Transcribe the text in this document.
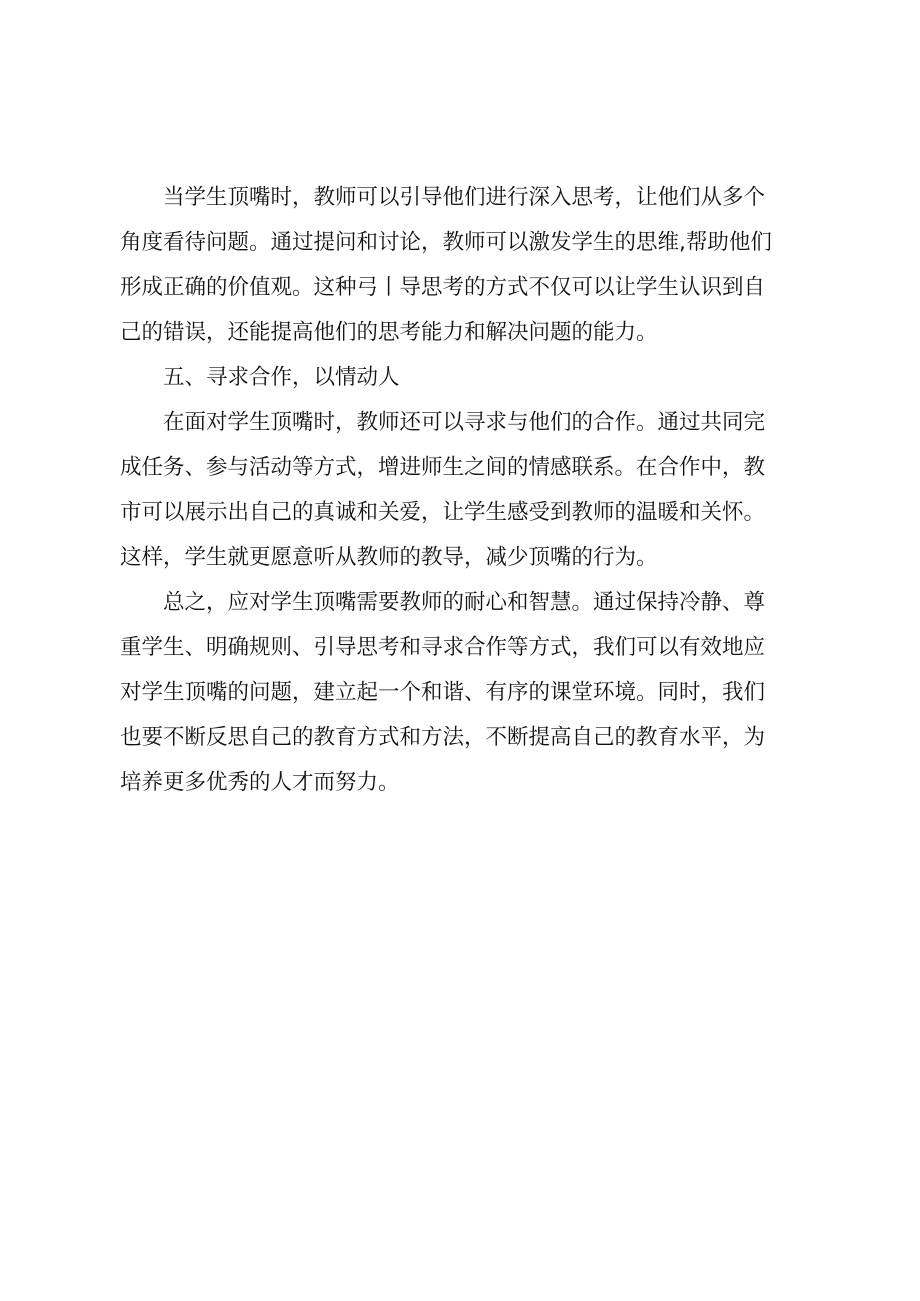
当学生顶嘴时，教师可以引导他们进行深入思考，让他们从多个
角度看待问题。通过提问和讨论，教师可以激发学生的思维,帮助他们
形成正确的价值观。这种弓丨导思考的方式不仅可以让学生认识到自
己的错误，还能提高他们的思考能力和解决问题的能力。
五、寻求合作，以情动人
在面对学生顶嘴时，教师还可以寻求与他们的合作。通过共同完
成任务、参与活动等方式，增进师生之间的情感联系。在合作中，教
市可以展示出自己的真诚和关爱，让学生感受到教师的温暖和关怀。
这样，学生就更愿意听从教师的教导，减少顶嘴的行为。
总之，应对学生顶嘴需要教师的耐心和智慧。通过保持冷静、尊
重学生、明确规则、引导思考和寻求合作等方式，我们可以有效地应
对学生顶嘴的问题，建立起一个和谐、有序的课堂环境。同时，我们
也要不断反思自己的教育方式和方法，不断提高自己的教育水平，为
培养更多优秀的人才而努力。
